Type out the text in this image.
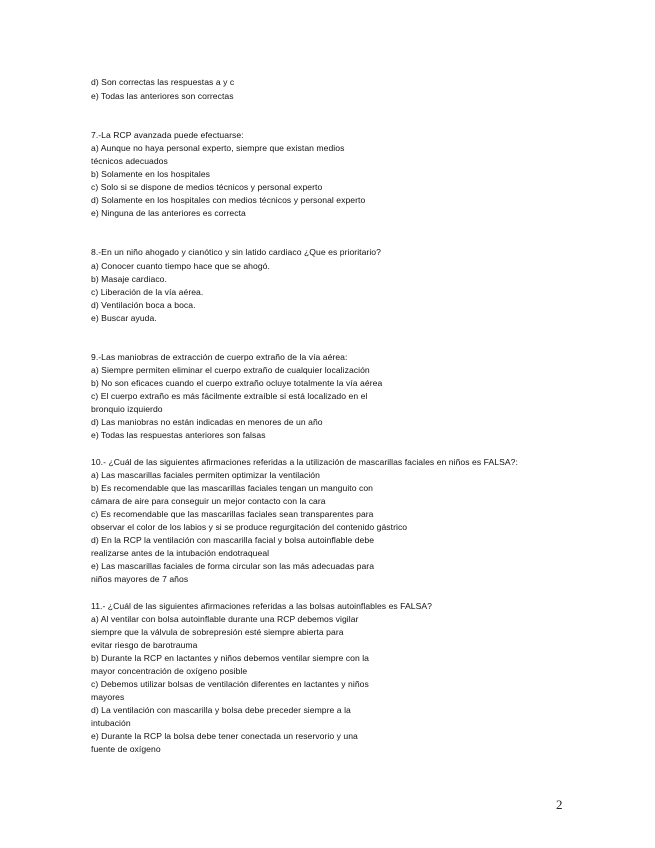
d) Son correctas las respuestas a y c
e) Todas las anteriores son correctas
7.-La RCP avanzada puede efectuarse:
a) Aunque no haya personal experto, siempre que existan medios
técnicos adecuados
b) Solamente en los hospitales
c) Solo si se dispone de medios técnicos y personal experto
d) Solamente en los hospitales con medios técnicos y personal experto
e) Ninguna de las anteriores es correcta
8.-En un niño ahogado y cianótico y sin latido cardiaco ¿Que es prioritario?
a) Conocer cuanto tiempo hace que se ahogó.
b) Masaje cardiaco.
c) Liberación de la vía aérea.
d) Ventilación boca a boca.
e) Buscar ayuda.
9.-Las maniobras de extracción de cuerpo extraño de la vía aérea:
a) Siempre permiten eliminar el cuerpo extraño de cualquier localización
b) No son eficaces cuando el cuerpo extraño ocluye totalmente la vía aérea
c) El cuerpo extraño es más fácilmente extraíble si está localizado en el
bronquio izquierdo
d) Las maniobras no están indicadas en menores de un año
e) Todas las respuestas anteriores son falsas
10.- ¿Cuál de las siguientes afirmaciones referidas a la utilización de mascarillas faciales en niños es FALSA?:
a) Las mascarillas faciales permiten optimizar la ventilación
b) Es recomendable que las mascarillas faciales tengan un manguito con
cámara de aire para conseguir un mejor contacto con la cara
c) Es recomendable que las mascarillas faciales sean transparentes para
observar el color de los labios y si se produce regurgitación del contenido gástrico
d) En la RCP la ventilación con mascarilla facial y bolsa autoinflable debe
realizarse antes de la intubación endotraqueal
e) Las mascarillas faciales de forma circular son las más adecuadas para
niños mayores de 7 años
11.- ¿Cuál de las siguientes afirmaciones referidas a las bolsas autoinflables es FALSA?
a) Al ventilar con bolsa autoinflable durante una RCP debemos vigilar
siempre que la válvula de sobrepresión esté siempre abierta para
evitar riesgo de barotrauma
b) Durante la RCP en lactantes y niños debemos ventilar siempre con la
mayor concentración de oxígeno posible
c) Debemos utilizar bolsas de ventilación diferentes en lactantes y niños
mayores
d) La ventilación con mascarilla y bolsa debe preceder siempre a la
intubación
e) Durante la RCP la bolsa debe tener conectada un reservorio y una
fuente de oxígeno
2
